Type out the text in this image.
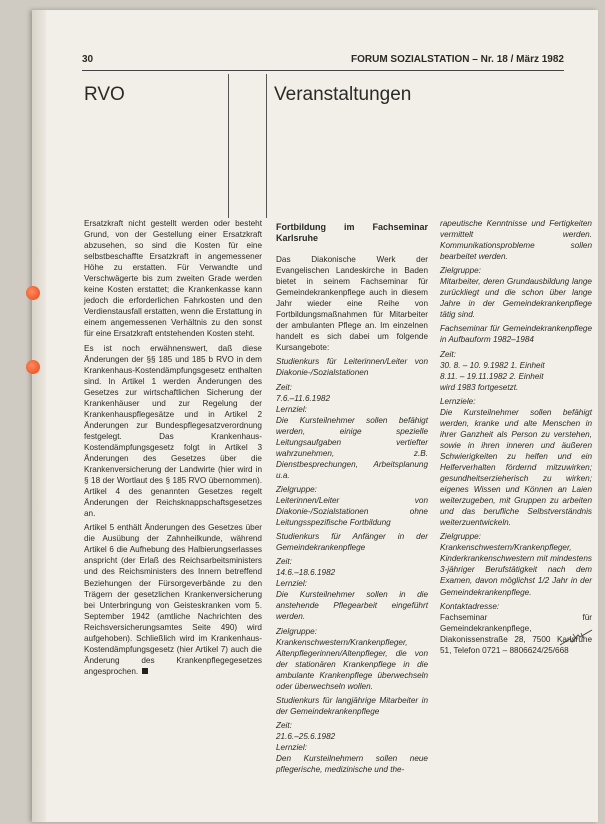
30	FORUM SOZIALSTATION – Nr. 18 / März 1982
RVO	Veranstaltungen

Ersatzkraft nicht gestellt werden oder besteht Grund, von der Gestellung einer Ersatzkraft abzusehen, so sind die Kosten für eine selbstbeschaffte Ersatzkraft in angemessener Höhe zu erstatten. Für Verwandte und Verschwägerte bis zum zweiten Grade werden keine Kosten erstattet; die Krankenkasse kann jedoch die erforderlichen Fahrkosten und den Verdienstausfall erstatten, wenn die Erstattung in einem angemessenen Verhältnis zu den sonst für eine Ersatzkraft entstehenden Kosten steht.

Es ist noch erwähnenswert, daß diese Änderungen der §§ 185 und 185 b RVO in dem Krankenhaus-Kostendämpfungsgesetz enthalten sind. In Artikel 1 werden Änderungen des Gesetzes zur wirtschaftlichen Sicherung der Krankenhäuser und zur Regelung der Krankenhauspflegesätze und in Artikel 2 Änderungen zur Bundespflegesatzverordnung festgelegt. Das Krankenhaus-Kostendämpfungsgesetz folgt in Artikel 3 Änderungen des Gesetzes über die Krankenversicherung der Landwirte (hier wird in § 18 der Wortlaut des § 185 RVO übernommen). Artikel 4 des genannten Gesetzes regelt Änderungen der Reichsknappschaftsgesetzes an.

Artikel 5 enthält Änderungen des Gesetzes über die Ausübung der Zahnheilkunde, während Artikel 6 die Aufhebung des Halbierungserlasses anspricht (der Erlaß des Reichsarbeitsministers und des Reichsministers des Innern betreffend Beziehungen der Fürsorgeverbände zu den Trägern der gesetzlichen Krankenversicherung bei Unterbringung von Geisteskranken vom 5. September 1942 (amtliche Nachrichten des Reichsversicherungsamtes Seite 490) wird aufgehoben). Schließlich wird im Krankenhaus-Kostendämpfungsgesetz (hier Artikel 7) auch die Änderung des Krankenpflegegesetzes angesprochen.

Fortbildung im Fachseminar Karlsruhe

Das Diakonische Werk der Evangelischen Landeskirche in Baden bietet in seinem Fachseminar für Gemeindekrankenpflege auch in diesem Jahr wieder eine Reihe von Fortbildungsmaßnahmen für Mitarbeiter der ambulanten Pflege an. Im einzelnen handelt es sich dabei um folgende Kursangebote:

Studienkurs für Leiterinnen/Leiter von Diakonie-/Sozialstationen

Zeit:
7.6.–11.6.1982
Lernziel:

Die Kursteilnehmer sollen befähigt werden, einige spezielle Leitungsaufgaben vertiefter wahrzunehmen, z.B. Dienstbesprechungen, Arbeitsplanung u.a.

Zielgruppe:

Leiterinnen/Leiter von Diakonie-/Sozialstationen ohne Leitungsspezifische Fortbildung

Studienkurs für Anfänger in der Gemeindekrankenpflege

Zeit:
14.6.–18.6.1982
Lernziel:

Die Kursteilnehmer sollen in die anstehende Pflegearbeit eingeführt werden.

Zielgruppe:

Krankenschwestern/Krankenpfleger, Altenpflegerinnen/Altenpfleger, die von der stationären Krankenpflege in die ambulante Krankenpflege überwechseln oder überwechseln wollen.

Studienkurs für langjährige Mitarbeiter in der Gemeindekrankenpflege

Zeit:
21.6.–25.6.1982
Lernziel:

Den Kursteilnehmern sollen neue pflegerische, medizinische und the-

rapeutische Kenntnisse und Fertigkeiten vermittelt werden. Kommunikationsprobleme sollen bearbeitet werden.

Zielgruppe:

Mitarbeiter, deren Grundausbildung lange zurückliegt und die schon über lange Jahre in der Gemeindekrankenpflege tätig sind.

Fachseminar für Gemeindekrankenpflege in Aufbauform 1982–1984

Zeit:

30. 8. – 10. 9.1982 1. Einheit
8.11. – 19.11.1982 2. Einheit
wird 1983 fortgesetzt.

Lernziele:

Die Kursteilnehmer sollen befähigt werden, kranke und alte Menschen in ihrer Ganzheit als Person zu verstehen, sowie in ihren inneren und äußeren Schwierigkeiten zu helfen und ein Helferverhalten fördernd mitzuwirken; gesundheitserzieherisch zu wirken; eigenes Wissen und Können an Laien weiterzugeben, mit Gruppen zu arbeiten und das berufliche Selbstverständnis weiterzuentwickeln.

Zielgruppe:

Krankenschwestern/Krankenpfleger, Kinderkrankenschwestern mit mindestens 3-jähriger Berufstätigkeit nach dem Examen, davon möglichst 1/2 Jahr in der Gemeindekrankenpflege.

Kontaktadresse:

Fachseminar für Gemeindekrankenpflege, Diakonissenstraße 28, 7500 Karlsruhe 51, Telefon 0721 – 8806624/25/668
